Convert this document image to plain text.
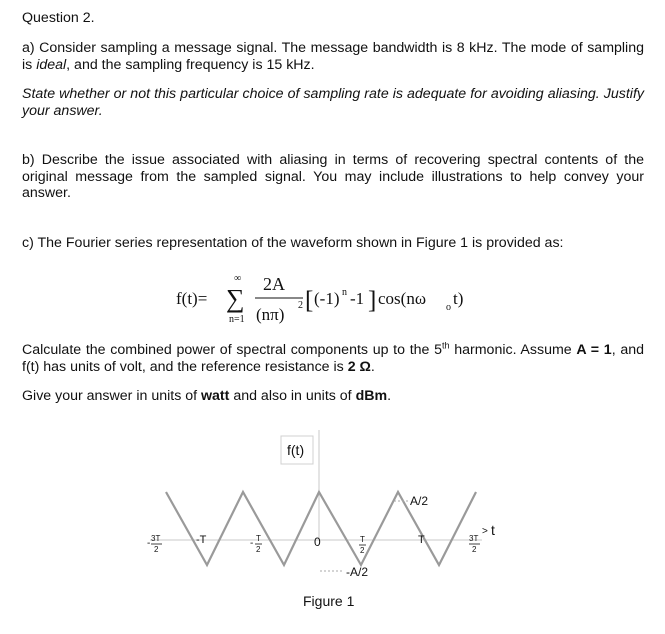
Question 2.
a) Consider sampling a message signal. The message bandwidth is 8 kHz. The mode of sampling is ideal, and the sampling frequency is 15 kHz.
State whether or not this particular choice of sampling rate is adequate for avoiding aliasing. Justify your answer.
b) Describe the issue associated with aliasing in terms of recovering spectral contents of the original message from the sampled signal. You may include illustrations to help convey your answer.
c) The Fourier series representation of the waveform shown in Figure 1 is provided as:
f(t)=
∞
∑
n=1
2A
(nπ) 2 [ (-1) n -1 ] cos(nω o t)
Calculate the combined power of spectral components up to the 5th harmonic. Assume A = 1, and f(t) has units of volt, and the reference resistance is 2 Ω.
Give your answer in units of watt and also in units of dBm.
f(t)
A/2
-A/2
> t
- 3T
2
-T	- T
2
0	T
2
T	3T
2
Figure 1
